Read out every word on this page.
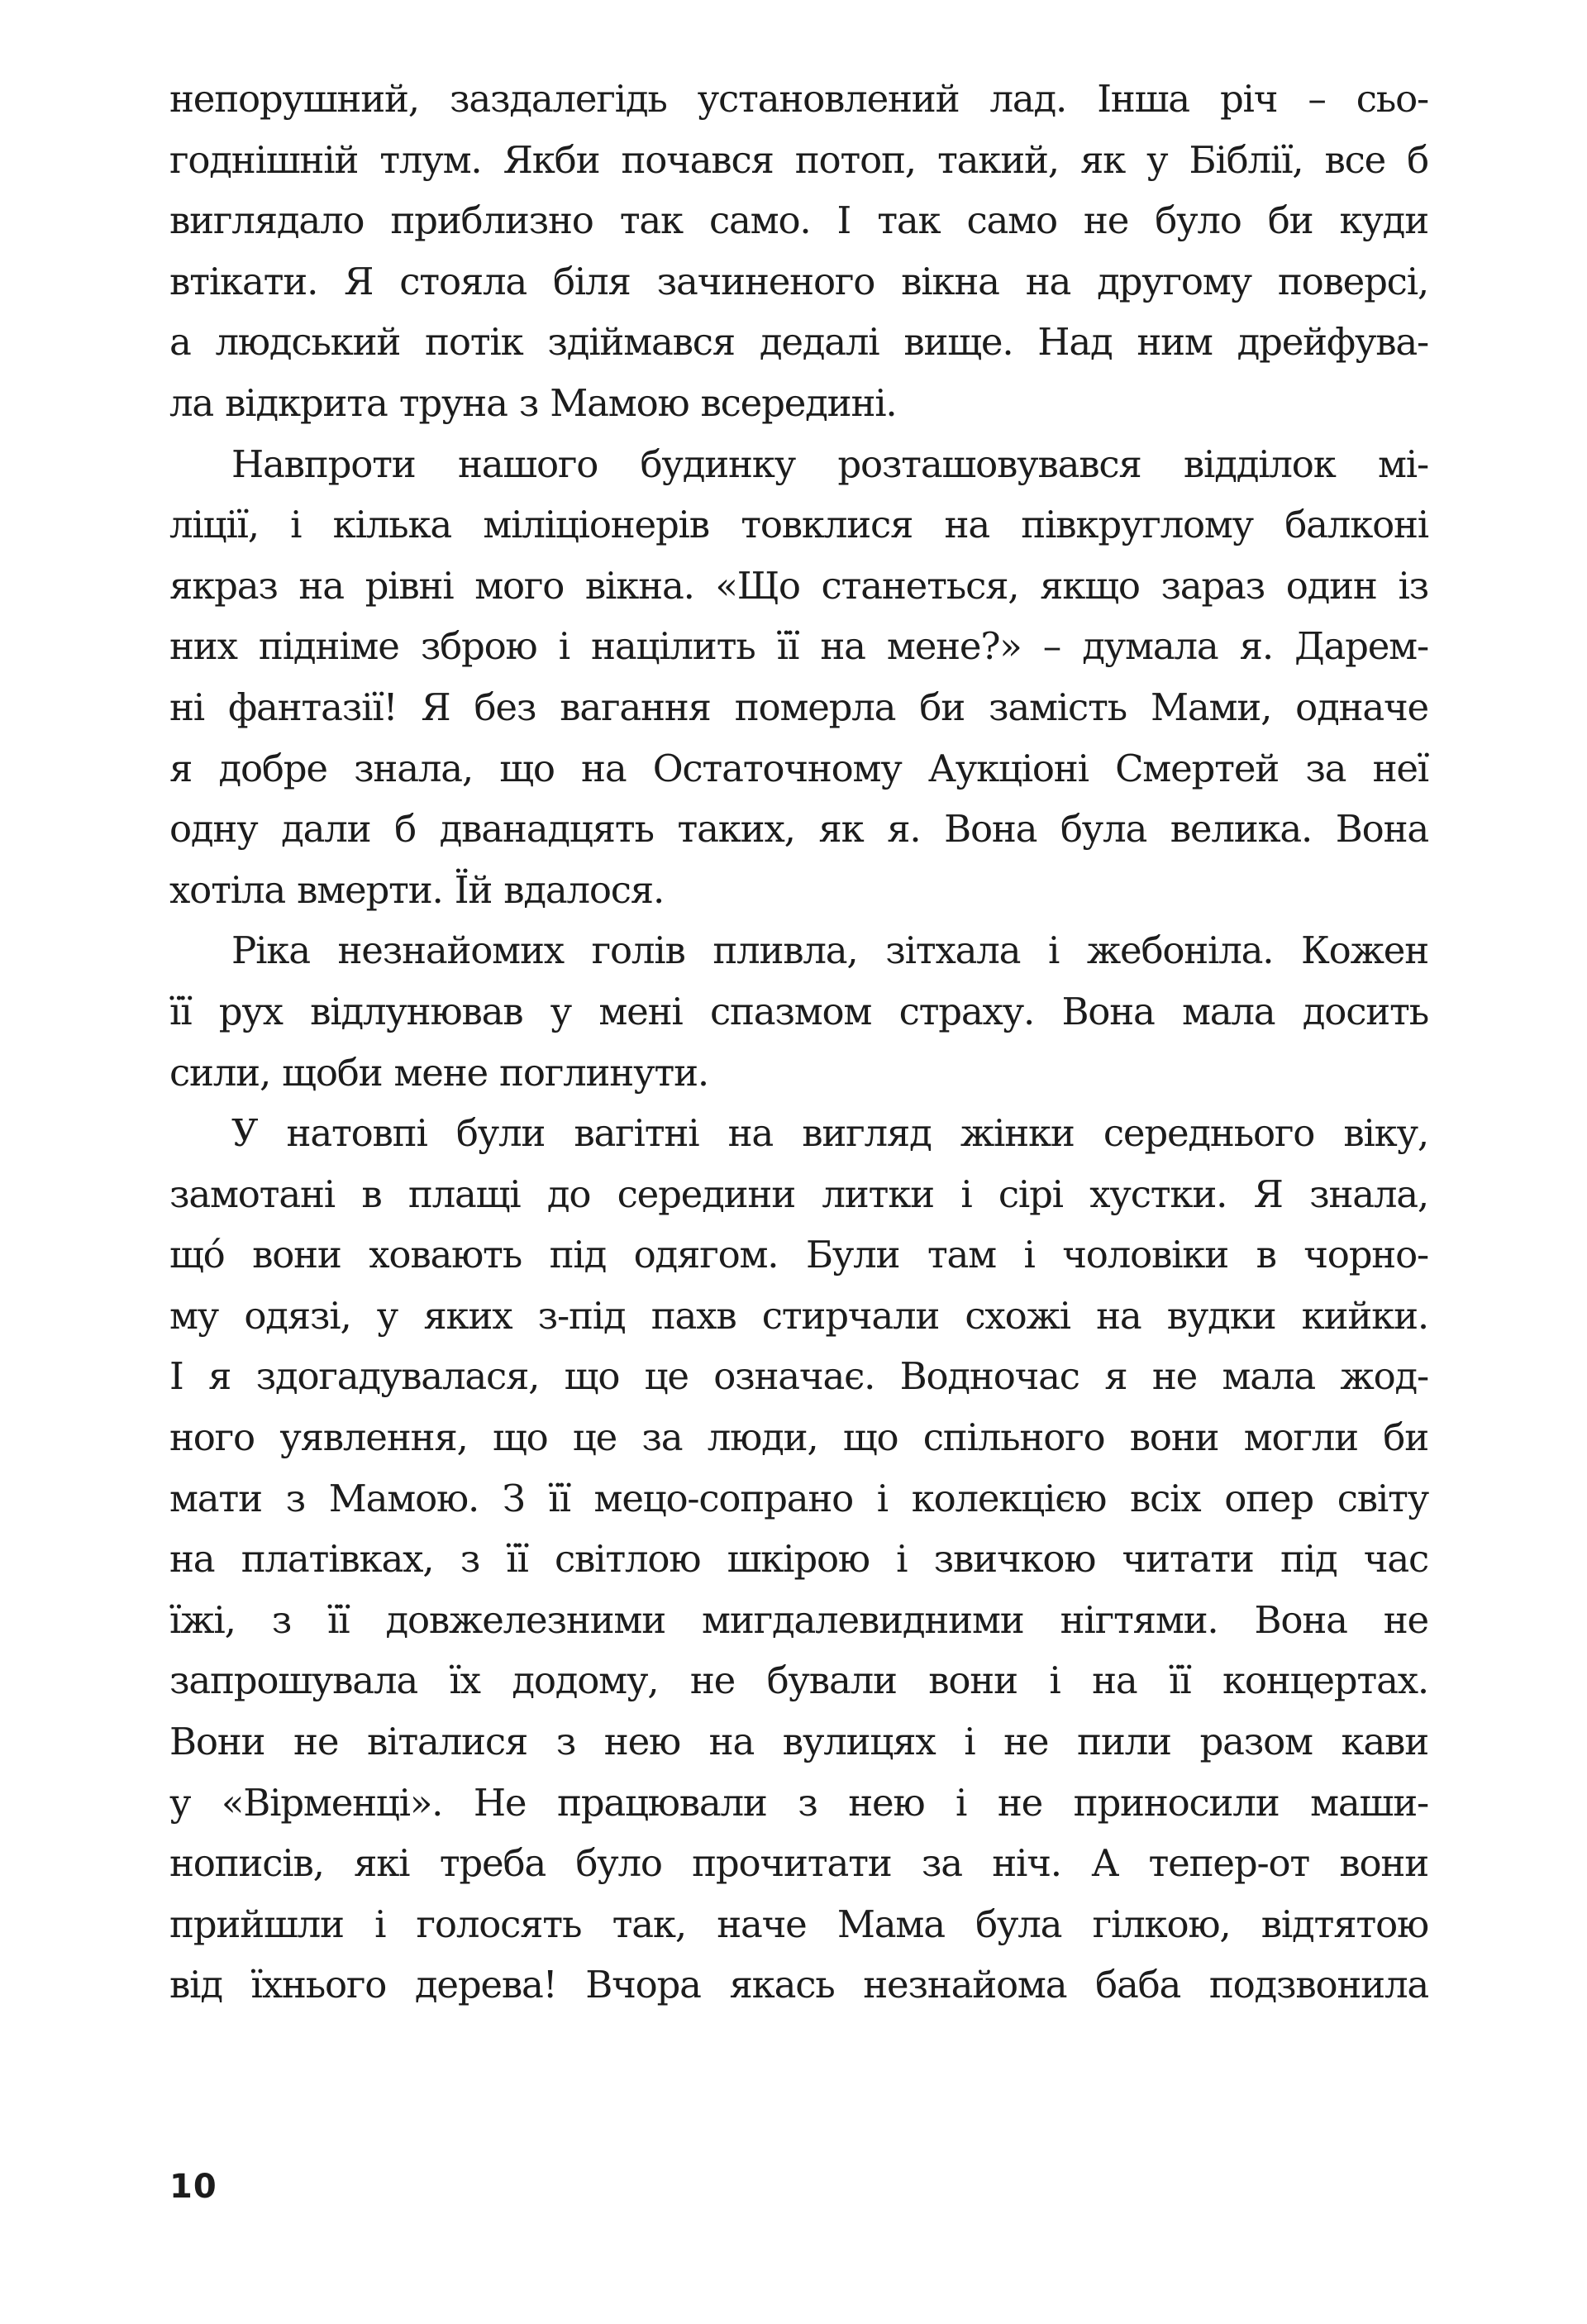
непорушний, заздалегідь установлений лад. Інша річ – сьо-
годнішній тлум. Якби почався потоп, такий, як у Біблії, все б
виглядало приблизно так само. І так само не було би куди
втікати. Я стояла біля зачиненого вікна на другому поверсі,
а людський потік здіймався дедалі вище. Над ним дрейфува-
ла відкрита труна з Мамою всередині.
Навпроти нашого будинку розташовувався відділок мі-
ліції, і кілька міліціонерів товклися на півкруглому балконі
якраз на рівні мого вікна. «Що станеться, якщо зараз один із
них підніме зброю і націлить її на мене?» – думала я. Дарем-
ні фантазії! Я без вагання померла би замість Мами, одначе
я добре знала, що на Остаточному Аукціоні Смертей за неї
одну дали б дванадцять таких, як я. Вона була велика. Вона
хотіла вмерти. Їй вдалося.
Ріка незнайомих голів пливла, зітхала і жебоніла. Кожен
її рух відлунював у мені спазмом страху. Вона мала досить
сили, щоби мене поглинути.
У натовпі були вагітні на вигляд жінки середнього віку,
замотані в плащі до середини литки і сірі хустки. Я знала,
що́ вони ховають під одягом. Були там і чоловіки в чорно-
му одязі, у яких з-під пахв стирчали схожі на вудки кийки.
І я здогадувалася, що це означає. Водночас я не мала жод-
ного уявлення, що це за люди, що спільного вони могли би
мати з Мамою. З її мецо-сопрано і колекцією всіх опер світу
на платівках, з її світлою шкірою і звичкою читати під час
їжі, з її довжелезними мигдалевидними нігтями. Вона не
запрошувала їх додому, не бували вони і на її концертах.
Вони не віталися з нею на вулицях і не пили разом кави
у «Вірменці». Не працювали з нею і не приносили маши-
нописів, які треба було прочитати за ніч. А тепер-от вони
прийшли і голосять так, наче Мама була гілкою, відтятою
від їхнього дерева! Вчора якась незнайома баба подзвонила
10
